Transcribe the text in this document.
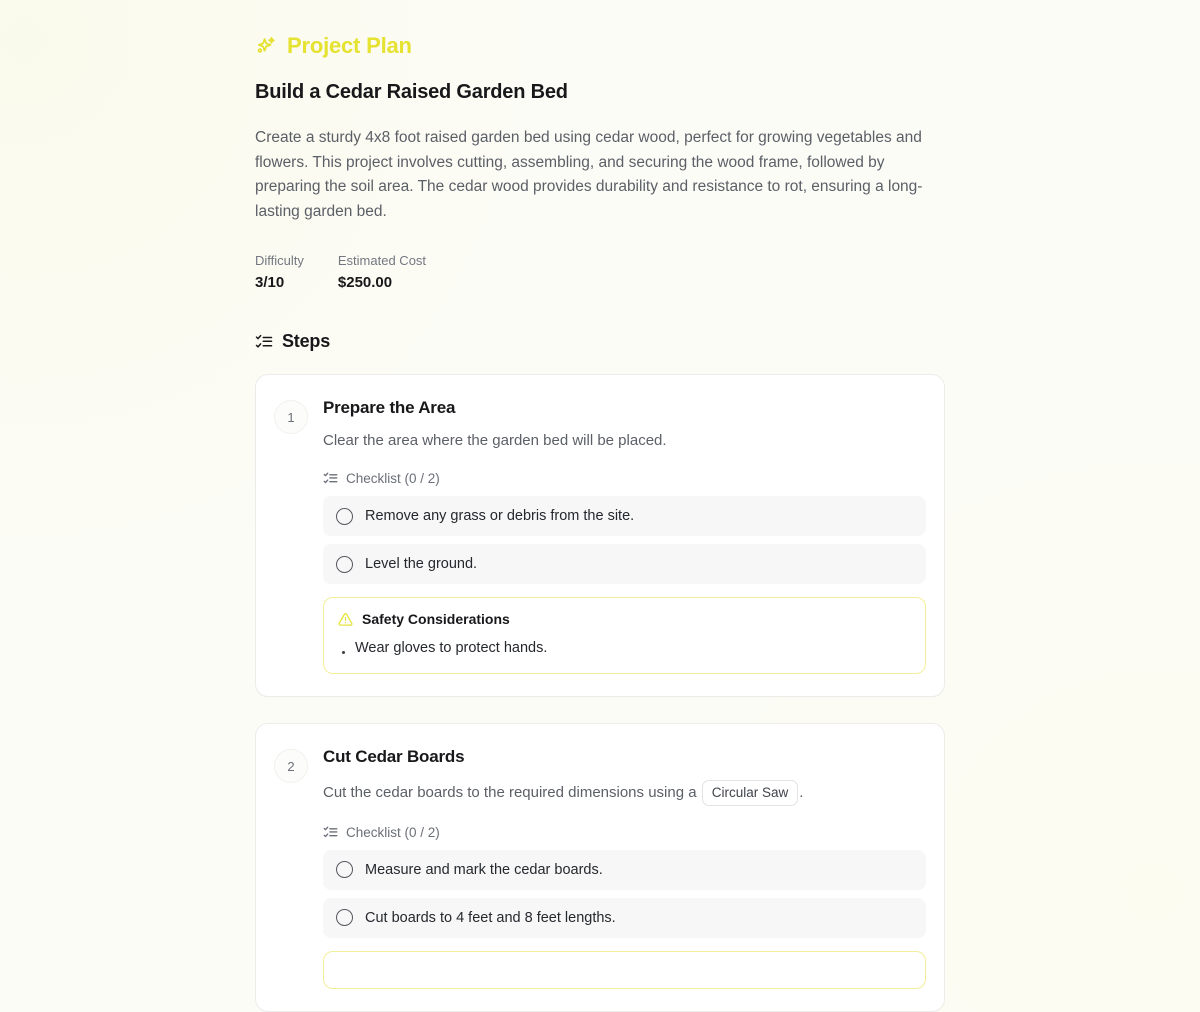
Project Plan
Build a Cedar Raised Garden Bed

Create a sturdy 4x8 foot raised garden bed using cedar wood, perfect for growing vegetables and flowers. This project involves cutting, assembling, and securing the wood frame, followed by preparing the soil area. The cedar wood provides durability and resistance to rot, ensuring a long-lasting garden bed.

Difficulty
3/10
Estimated Cost
$250.00
Steps
1	Prepare the Area

Clear the area where the garden bed will be placed.

Checklist (0 / 2)
Remove any grass or debris from the site.
Level the ground.
Safety Considerations
Wear gloves to protect hands.
2	Cut Cedar Boards

Cut the cedar boards to the required dimensions using a Circular Saw .

Checklist (0 / 2)
Measure and mark the cedar boards.
Cut boards to 4 feet and 8 feet lengths.
